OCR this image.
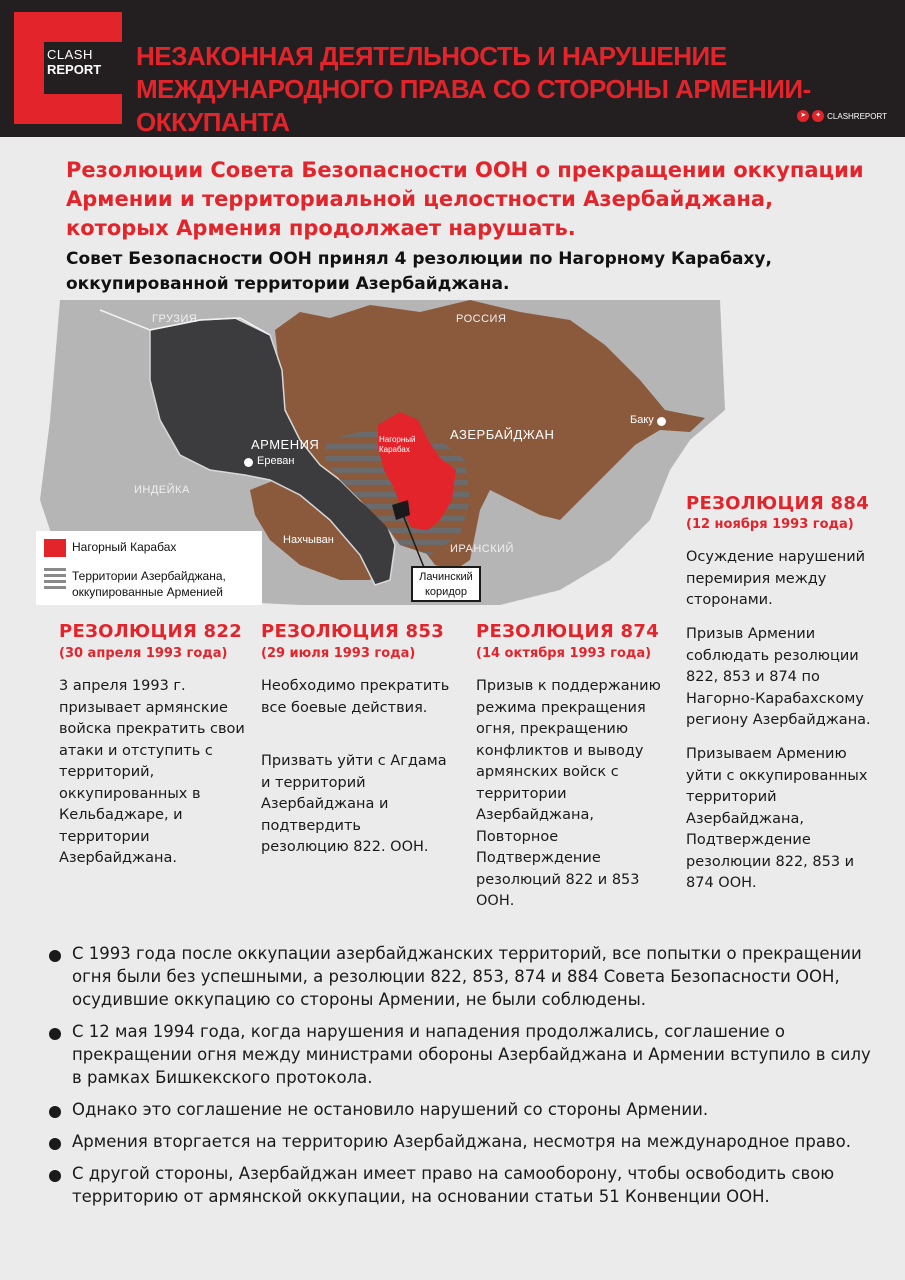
CLASH
REPORT НЕЗАКОННАЯ ДЕЯТЕЛЬНОСТЬ И НАРУШЕНИЕ
МЕЖДУНАРОДНОГО ПРАВА СО СТОРОНЫ АРМЕНИИ-ОККУПАНТА	➤	✦ CLASHREPORT
Резолюции Совета Безопасности ООН о прекращении оккупации Армении и территориальной целостности Азербайджана, которых Армения продолжает нарушать.
Совет Безопасности ООН принял 4 резолюции по Нагорному Карабаху, оккупированной территории Азербайджана.
ГРУЗИЯ	РОССИЯ
АРМЕНИЯ
АЗЕРБАЙДЖАН
Ереван
Баку
ИНДЕЙКА
ИРАНСКИЙ
Нахчыван
Нагорный
Карабах
Лачинский
коридор
Нагорный Карабах
Территории Азербайджана,
оккупированные Арменией
РЕЗОЛЮЦИЯ 822
(30 апреля 1993 года)
3 апреля 1993 г. призывает армянские войска прекратить свои атаки и отступить с территорий, оккупированных в Кельбаджаре, и территории Азербайджана.
РЕЗОЛЮЦИЯ 853
(29 июля 1993 года)
Необходимо прекратить все боевые действия.
Призвать уйти с Агдама и территорий Азербайджана и подтвердить резолюцию 822. ООН.
РЕЗОЛЮЦИЯ 874
(14 октября 1993 года)
Призыв к поддержанию режима прекращения огня, прекращению конфликтов и выводу армянских войск с территории Азербайджана, Повторное Подтверждение резолюций 822 и 853 ООН.
РЕЗОЛЮЦИЯ 884
(12 ноября 1993 года)
Осуждение нарушений перемирия между сторонами.
Призыв Армении соблюдать резолюции 822, 853 и 874 по Нагорно-Карабахскому региону Азербайджана.
Призываем Армению уйти с оккупированных территорий Азербайджана, Подтверждение резолюции 822, 853 и 874 ООН.
С 1993 года после оккупации азербайджанских территорий, все попытки о прекращении огня были без успешными, а резолюции 822, 853, 874 и 884 Совета Безопасности ООН, осудившие оккупацию со стороны Армении, не были соблюдены.
С 12 мая 1994 года, когда нарушения и нападения продолжались, соглашение о прекращении огня между министрами обороны Азербайджана и Армении вступило в силу в рамках Бишкекского протокола.
Однако это соглашение не остановило нарушений со стороны Армении.
Армения вторгается на территорию Азербайджана, несмотря на международное право.
С другой стороны, Азербайджан имеет право на самооборону, чтобы освободить свою территорию от армянской оккупации, на основании статьи 51 Конвенции ООН.
